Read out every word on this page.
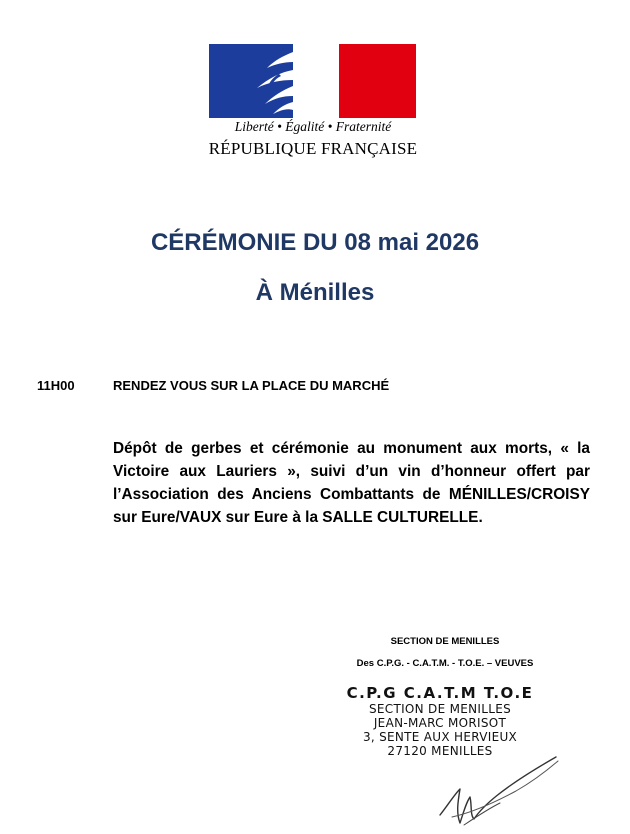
Liberté • Égalité • Fraternité
RÉPUBLIQUE FRANÇAISE
CÉRÉMONIE DU 08 mai 2026
À Ménilles
11H00	RENDEZ VOUS SUR LA PLACE DU MARCHÉ
Dépôt de gerbes et cérémonie au monument aux morts, « la Victoire aux Lauriers », suivi d’un vin d’honneur offert par l’Association des Anciens Combattants de MÉNILLES/CROISY sur Eure/VAUX sur Eure à la SALLE CULTURELLE.
SECTION DE MENILLES
Des C.P.G. - C.A.T.M. - T.O.E. – VEUVES
C.P.G C.A.T.M T.O.E
SECTION DE MENILLES
JEAN-MARC MORISOT
3, SENTE AUX HERVIEUX
27120 MENILLES
